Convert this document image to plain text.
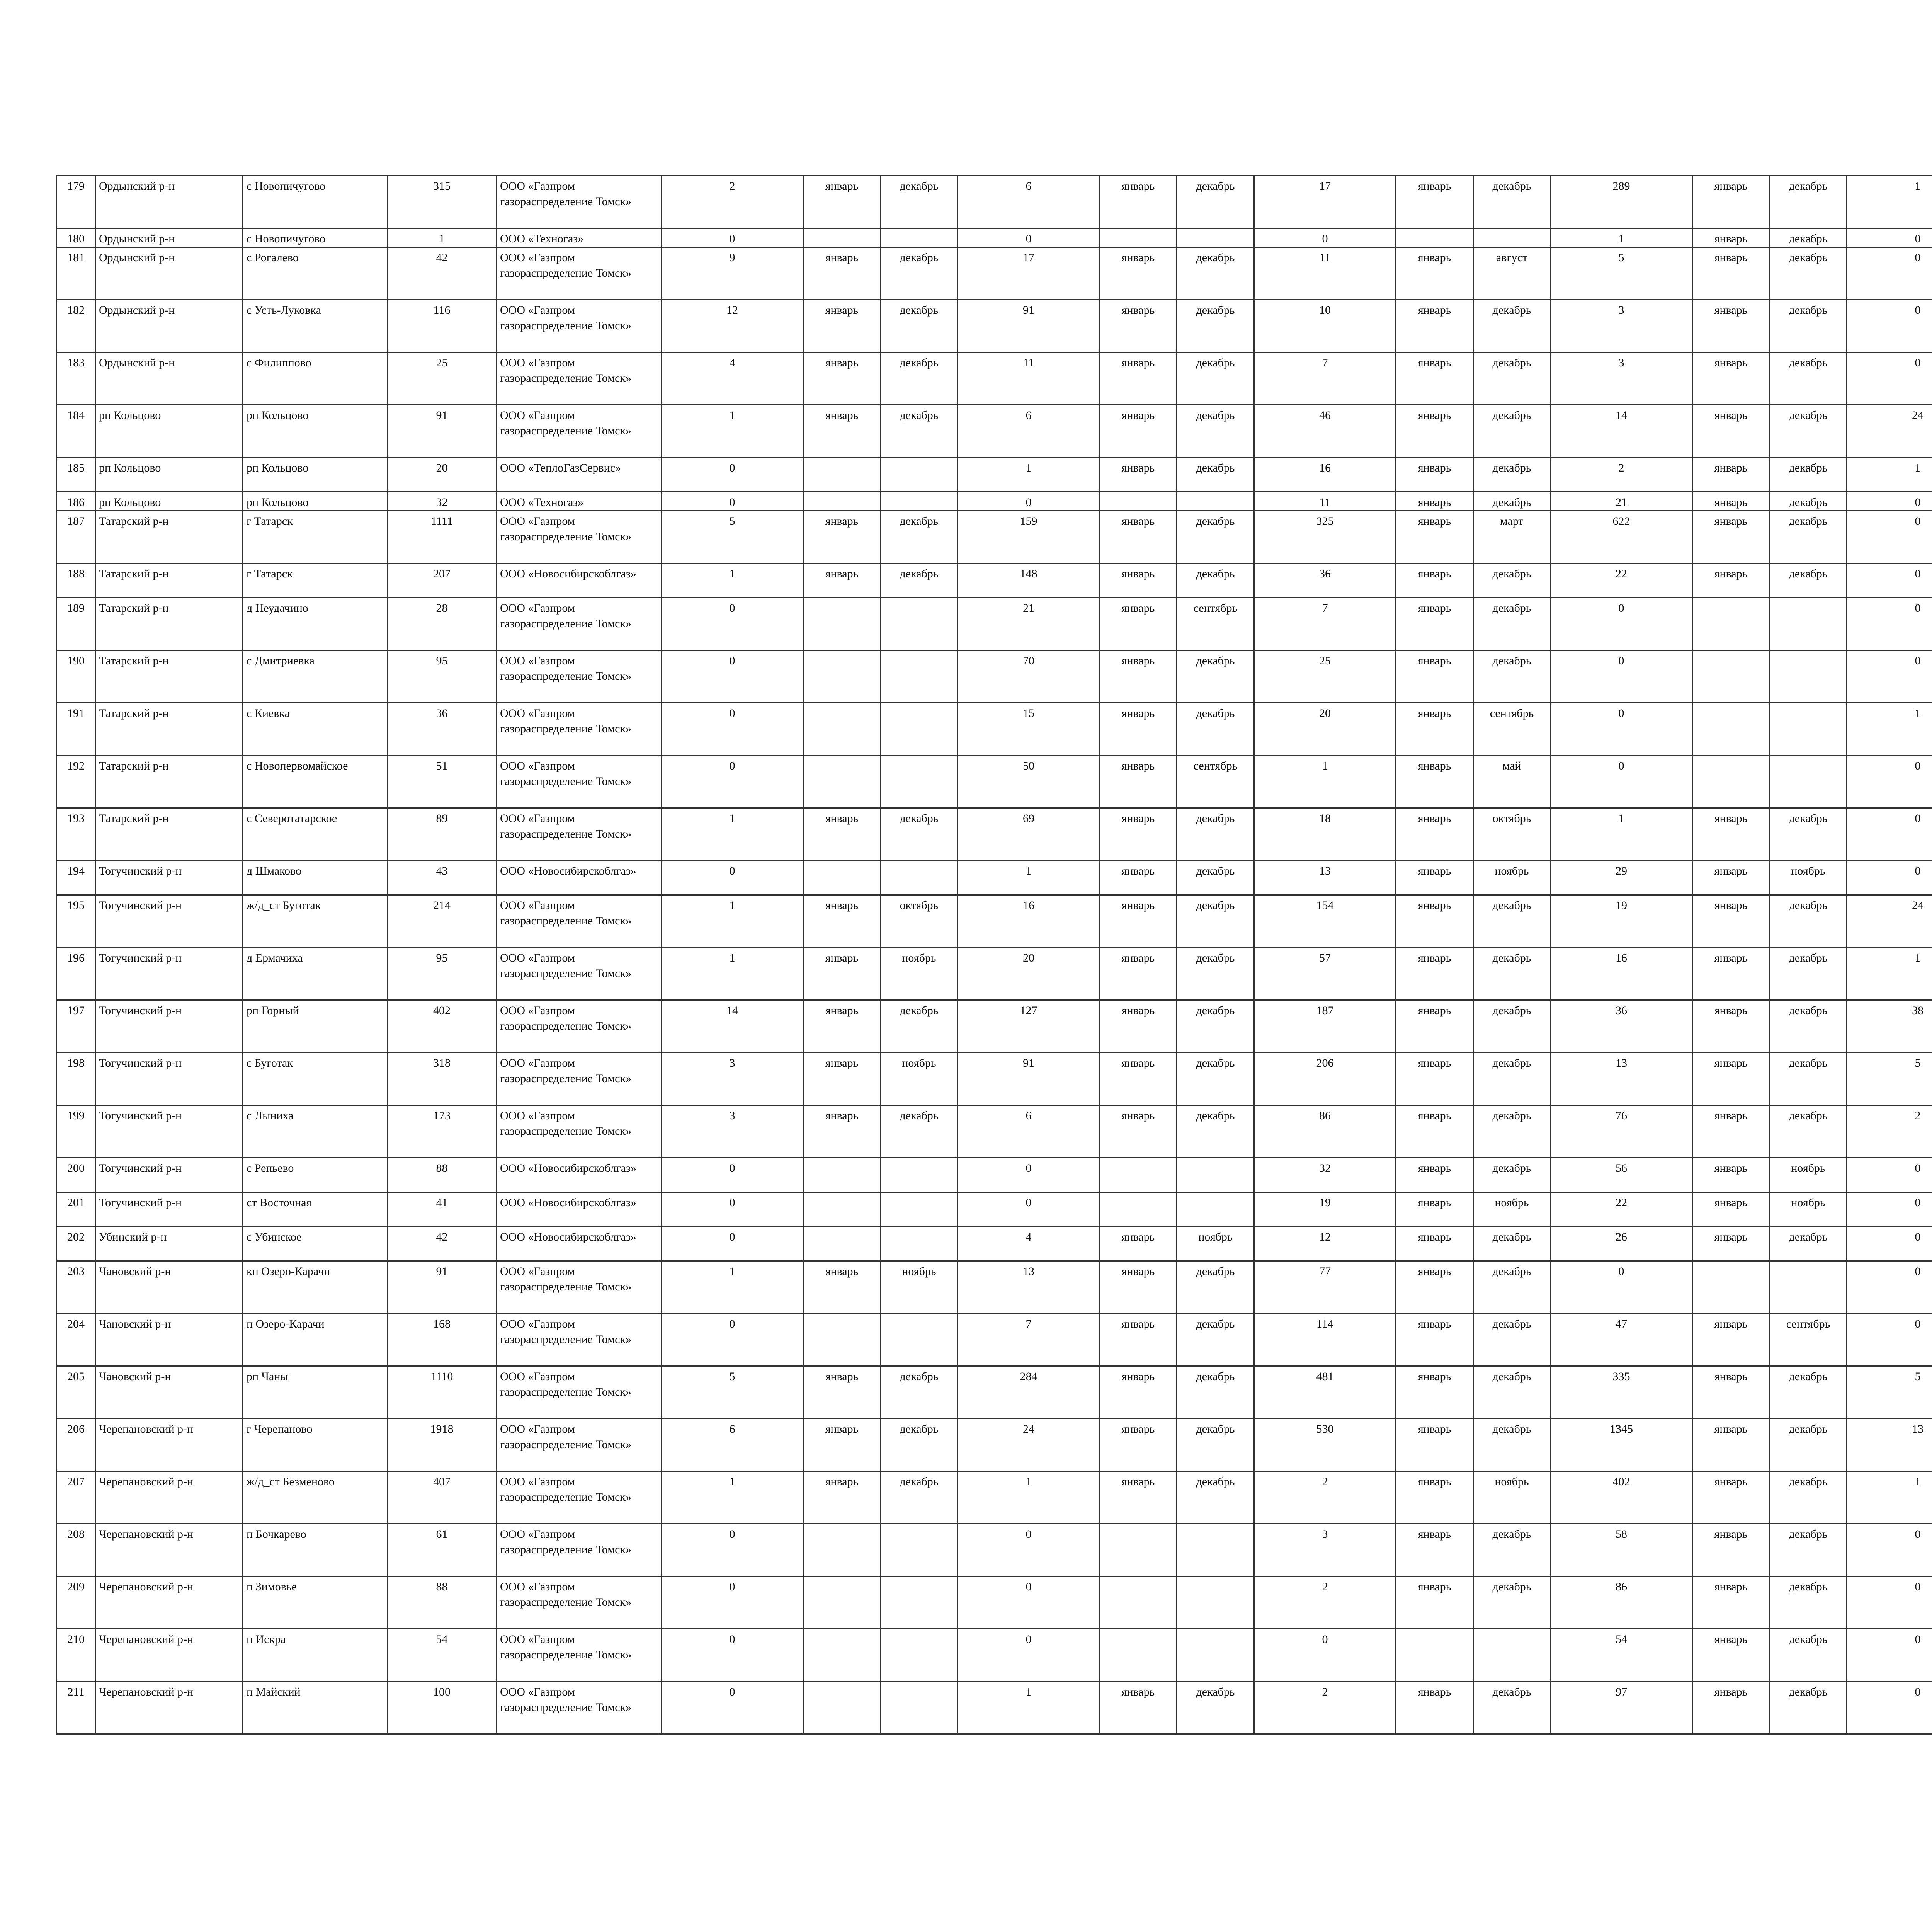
179	Ордынский р-н	с Новопичугово	315	ООО «Газпром газораспределение Томск»	2	январь	декабрь	6	январь	декабрь	17	январь	декабрь	289	январь	декабрь	1										
180	Ордынский р-н	с Новопичугово	1	ООО «Техногаз»	0			0			0			1	январь	декабрь	0										
181	Ордынский р-н	с Рогалево	42	ООО «Газпром газораспределение Томск»	9	январь	декабрь	17	январь	декабрь	11	январь	август	5	январь	декабрь	0										
182	Ордынский р-н	с Усть-Луковка	116	ООО «Газпром газораспределение Томск»	12	январь	декабрь	91	январь	декабрь	10	январь	декабрь	3	январь	декабрь	0										
183	Ордынский р-н	с Филиппово	25	ООО «Газпром газораспределение Томск»	4	январь	декабрь	11	январь	декабрь	7	январь	декабрь	3	январь	декабрь	0										
184	рп Кольцово	рп Кольцово	91	ООО «Газпром газораспределение Томск»	1	январь	декабрь	6	январь	декабрь	46	январь	декабрь	14	январь	декабрь	24										
185	рп Кольцово	рп Кольцово	20	ООО «ТеплоГазСервис»	0			1	январь	декабрь	16	январь	декабрь	2	январь	декабрь	1										
186	рп Кольцово	рп Кольцово	32	ООО «Техногаз»	0			0			11	январь	декабрь	21	январь	декабрь	0										
187	Татарский р-н	г Татарск	1111	ООО «Газпром газораспределение Томск»	5	январь	декабрь	159	январь	декабрь	325	январь	март	622	январь	декабрь	0										
188	Татарский р-н	г Татарск	207	ООО «Новосибирскоблгаз»	1	январь	декабрь	148	январь	декабрь	36	январь	декабрь	22	январь	декабрь	0										
189	Татарский р-н	д Неудачино	28	ООО «Газпром газораспределение Томск»	0			21	январь	сентябрь	7	январь	декабрь	0			0										
190	Татарский р-н	с Дмитриевка	95	ООО «Газпром газораспределение Томск»	0			70	январь	декабрь	25	январь	декабрь	0			0										
191	Татарский р-н	с Киевка	36	ООО «Газпром газораспределение Томск»	0			15	январь	декабрь	20	январь	сентябрь	0			1										
192	Татарский р-н	с Новопервомайское	51	ООО «Газпром газораспределение Томск»	0			50	январь	сентябрь	1	январь	май	0			0										
193	Татарский р-н	с Северотатарское	89	ООО «Газпром газораспределение Томск»	1	январь	декабрь	69	январь	декабрь	18	январь	октябрь	1	январь	декабрь	0										
194	Тогучинский р-н	д Шмаково	43	ООО «Новосибирскоблгаз»	0			1	январь	декабрь	13	январь	ноябрь	29	январь	ноябрь	0										
195	Тогучинский р-н	ж/д_ст Буготак	214	ООО «Газпром газораспределение Томск»	1	январь	октябрь	16	январь	декабрь	154	январь	декабрь	19	январь	декабрь	24										
196	Тогучинский р-н	д Ермачиха	95	ООО «Газпром газораспределение Томск»	1	январь	ноябрь	20	январь	декабрь	57	январь	декабрь	16	январь	декабрь	1										
197	Тогучинский р-н	рп Горный	402	ООО «Газпром газораспределение Томск»	14	январь	декабрь	127	январь	декабрь	187	январь	декабрь	36	январь	декабрь	38										
198	Тогучинский р-н	с Буготак	318	ООО «Газпром газораспределение Томск»	3	январь	ноябрь	91	январь	декабрь	206	январь	декабрь	13	январь	декабрь	5										
199	Тогучинский р-н	с Лыниха	173	ООО «Газпром газораспределение Томск»	3	январь	декабрь	6	январь	декабрь	86	январь	декабрь	76	январь	декабрь	2										
200	Тогучинский р-н	с Репьево	88	ООО «Новосибирскоблгаз»	0			0			32	январь	декабрь	56	январь	ноябрь	0										
201	Тогучинский р-н	ст Восточная	41	ООО «Новосибирскоблгаз»	0			0			19	январь	ноябрь	22	январь	ноябрь	0										
202	Убинский р-н	с Убинское	42	ООО «Новосибирскоблгаз»	0			4	январь	ноябрь	12	январь	декабрь	26	январь	декабрь	0										
203	Чановский р-н	кп Озеро-Карачи	91	ООО «Газпром газораспределение Томск»	1	январь	ноябрь	13	январь	декабрь	77	январь	декабрь	0			0										
204	Чановский р-н	п Озеро-Карачи	168	ООО «Газпром газораспределение Томск»	0			7	январь	декабрь	114	январь	декабрь	47	январь	сентябрь	0										
205	Чановский р-н	рп Чаны	1110	ООО «Газпром газораспределение Томск»	5	январь	декабрь	284	январь	декабрь	481	январь	декабрь	335	январь	декабрь	5										
206	Черепановский р-н	г Черепаново	1918	ООО «Газпром газораспределение Томск»	6	январь	декабрь	24	январь	декабрь	530	январь	декабрь	1345	январь	декабрь	13										
207	Черепановский р-н	ж/д_ст Безменово	407	ООО «Газпром газораспределение Томск»	1	январь	декабрь	1	январь	декабрь	2	январь	ноябрь	402	январь	декабрь	1										
208	Черепановский р-н	п Бочкарево	61	ООО «Газпром газораспределение Томск»	0			0			3	январь	декабрь	58	январь	декабрь	0										
209	Черепановский р-н	п Зимовье	88	ООО «Газпром газораспределение Томск»	0			0			2	январь	декабрь	86	январь	декабрь	0										
210	Черепановский р-н	п Искра	54	ООО «Газпром газораспределение Томск»	0			0			0			54	январь	декабрь	0										
211	Черепановский р-н	п Майский	100	ООО «Газпром газораспределение Томск»	0			1	январь	декабрь	2	январь	декабрь	97	январь	декабрь	0										
